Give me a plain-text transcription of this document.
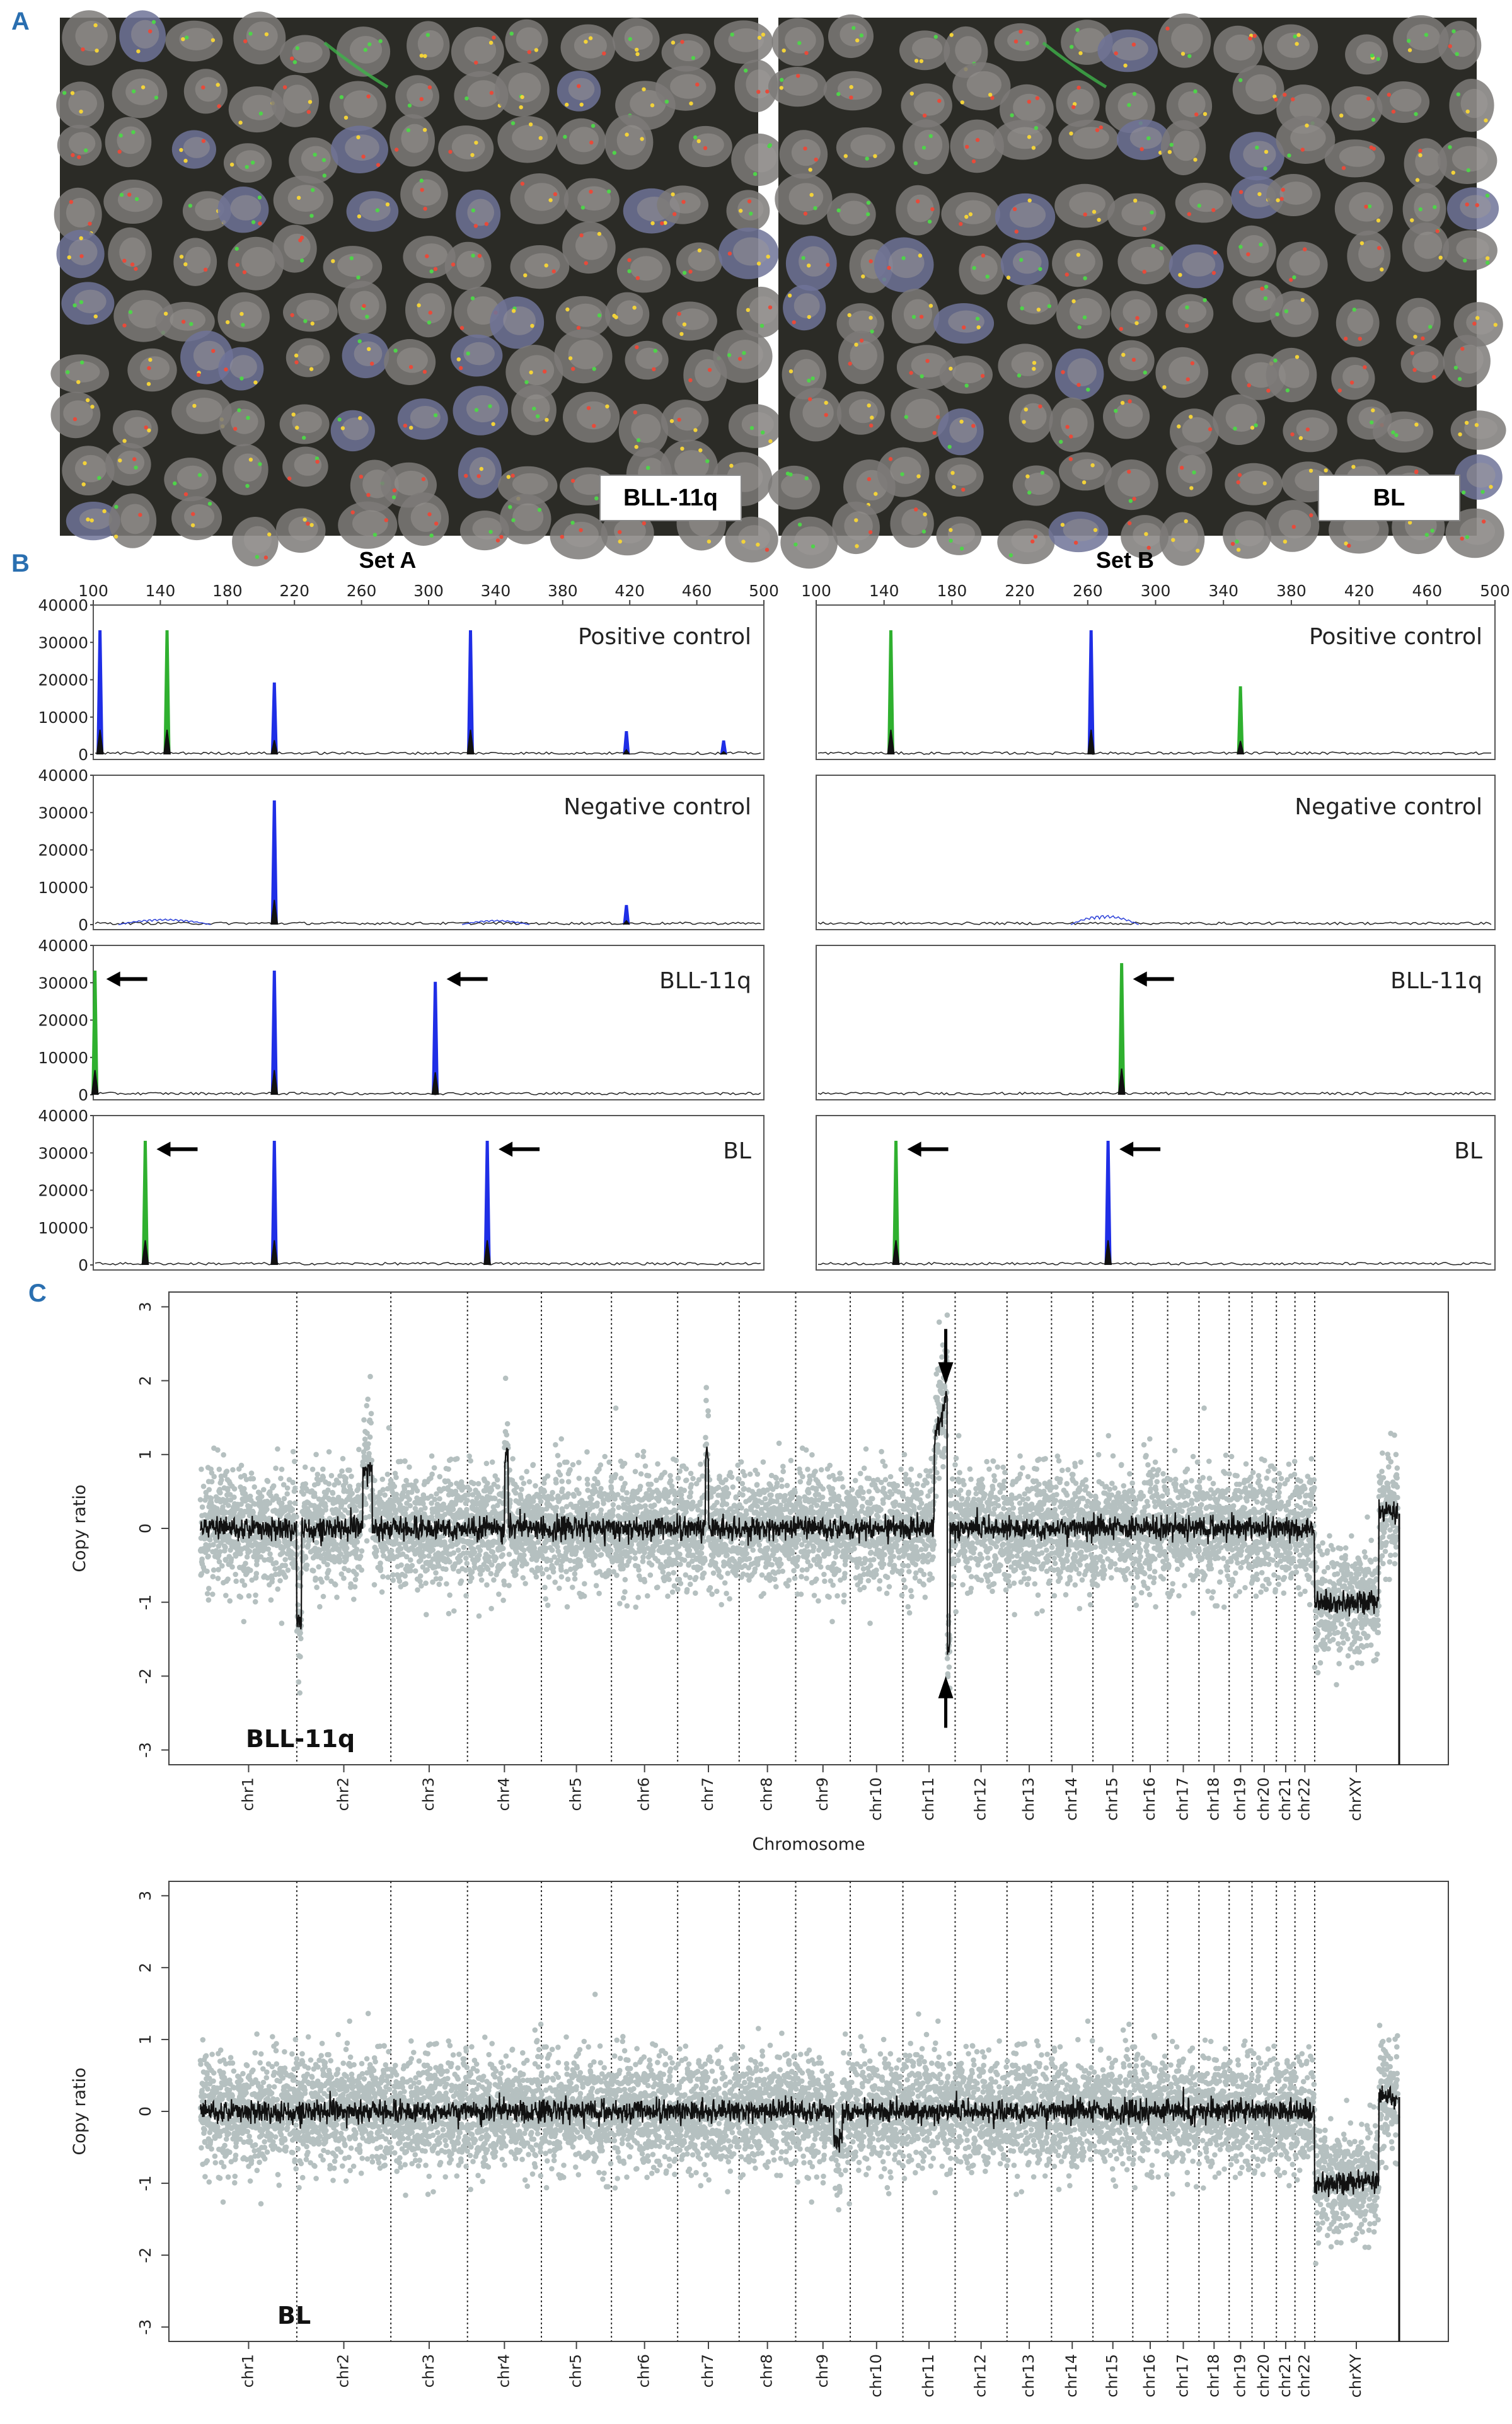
A
BLL-11q	BL
B	Set A	Set B
100 140 180 220 260 300 340 380 420 460 500
40000
30000
20000
10000
0
Positive control
40000
30000
20000
10000
0
Negative control
40000
30000
20000
10000
0
BLL-11q
40000
30000
20000
10000
0
BL
100 140 180 220 260 300 340 380 420 460 500
Positive control
Negative control
BLL-11q
BL
C	3
2
1
0
-1
-2
-3
Copy ratio
BLL-11q
chr1	chr2	chr3	chr4	chr5	chr6	chr7	chr8	chr9 chr10 chr11 chr12 chr13 chr14 chr15 chr16 chr17 chr18 chr19 chr20 chr21 chr22 chrXY
Chromosome
3
2
1
0
-1
-2
-3
Copy ratio
BL
chr1	chr2	chr3	chr4	chr5	chr6	chr7	chr8	chr9 chr10 chr11 chr12 chr13 chr14 chr15 chr16 chr17 chr18 chr19 chr20 chr21 chr22 chrXY
